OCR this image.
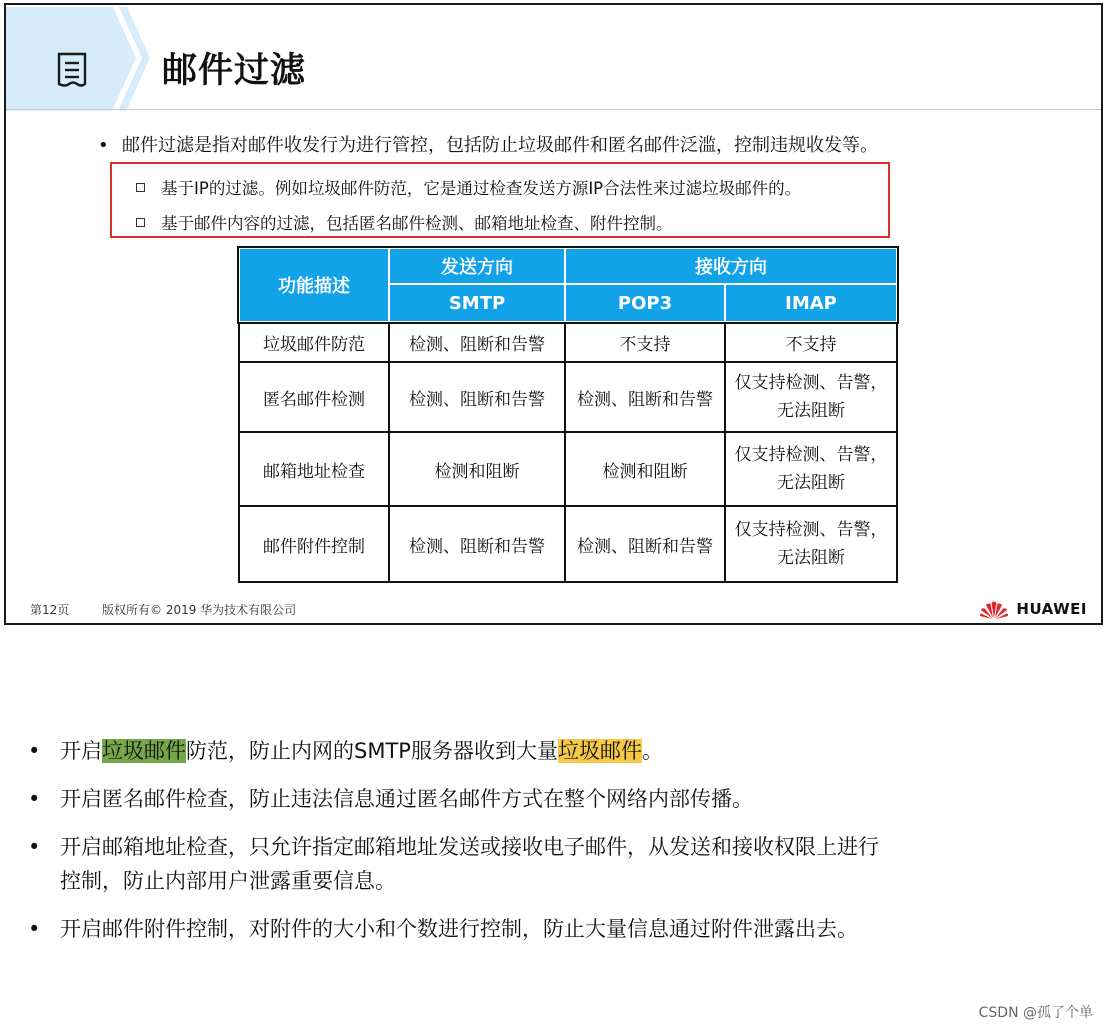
邮件过滤
• 邮件过滤是指对邮件收发行为进行管控，包括防止垃圾邮件和匿名邮件泛滥，控制违规收发等。
基于IP的过滤。例如垃圾邮件防范，它是通过检查发送方源IP合法性来过滤垃圾邮件的。
基于邮件内容的过滤，包括匿名邮件检测、邮箱地址检查、附件控制。
功能描述	发送方向	接收方向	
	SMTP	POP3	IMAP
垃圾邮件防范	检测、阻断和告警	不支持	不支持
匿名邮件检测	检测、阻断和告警	检测、阻断和告警	仅支持检测、告警，
无法阻断

邮箱地址检查	检测和阻断	检测和阻断	仅支持检测、告警，
无法阻断

邮件附件控制	检测、阻断和告警	检测、阻断和告警	仅支持检测、告警，
无法阻断
第12页	版权所有© 2019 华为技术有限公司	HUAWEI
• 开启垃圾邮件防范，防止内网的SMTP服务器收到大量垃圾邮件。
• 开启匿名邮件检查，防止违法信息通过匿名邮件方式在整个网络内部传播。
• 开启邮箱地址检查，只允许指定邮箱地址发送或接收电子邮件，从发送和接收权限上进行
控制，防止内部用户泄露重要信息。
• 开启邮件附件控制，对附件的大小和个数进行控制，防止大量信息通过附件泄露出去。
CSDN @孤了个单
